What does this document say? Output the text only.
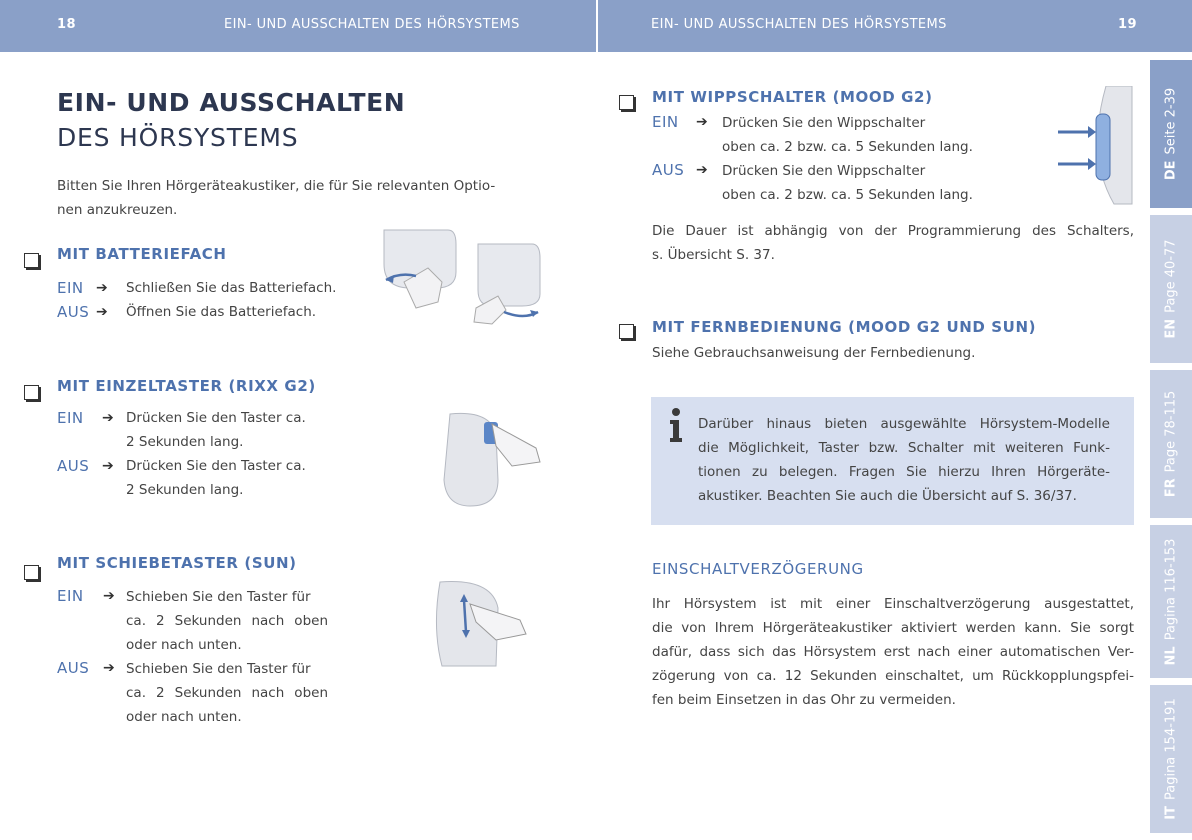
18	EIN- UND AUSSCHALTEN DES HÖRSYSTEMS	EIN- UND AUSSCHALTEN DES HÖRSYSTEMS	19
EIN- UND AUSSCHALTEN
DES HÖRSYSTEMS
Bitten Sie Ihren Hörgeräteakustiker, die für Sie relevanten Optio-
nen anzukreuzen.
MIT BATTERIEFACH
EIN ➔ Schließen Sie das Batteriefach.
AUS ➔ Öffnen Sie das Batteriefach.
MIT EINZELTASTER (RIXX G2)
EIN ➔ Drücken Sie den Taster ca.
2 Sekunden lang.
AUS ➔ Drücken Sie den Taster ca.
2 Sekunden lang.
MIT SCHIEBETASTER (SUN)
EIN ➔ Schieben Sie den Taster für
ca. 2 Sekunden nach oben
oder nach unten.
AUS ➔ Schieben Sie den Taster für
ca. 2 Sekunden nach oben
oder nach unten.
MIT WIPPSCHALTER (MOOD G2)
EIN ➔ Drücken Sie den Wippschalter
oben ca. 2 bzw. ca. 5 Sekunden lang.
AUS ➔ Drücken Sie den Wippschalter
oben ca. 2 bzw. ca. 5 Sekunden lang.
Die Dauer ist abhängig von der Programmierung des Schalters,
s. Übersicht S. 37.
MIT FERNBEDIENUNG (MOOD G2 UND SUN)
Siehe Gebrauchsanweisung der Fernbedienung.
Darüber hinaus bieten ausgewählte Hörsystem-Modelle
die Möglichkeit, Taster bzw. Schalter mit weiteren Funk-
tionen zu belegen. Fragen Sie hierzu Ihren Hörgeräte-
akustiker. Beachten Sie auch die Übersicht auf S. 36/37.
EINSCHALTVERZÖGERUNG
Ihr Hörsystem ist mit einer Einschaltverzögerung ausgestattet,
die von Ihrem Hörgeräteakustiker aktiviert werden kann. Sie sorgt
dafür, dass sich das Hörsystem erst nach einer automatischen Ver-
zögerung von ca. 12 Sekunden einschaltet, um Rückkopplungspfei-
fen beim Einsetzen in das Ohr zu vermeiden.
DESeite 2-39
ENPage 40-77
FRPage 78-115
NLPagina 116-153
ITPagina 154-191
